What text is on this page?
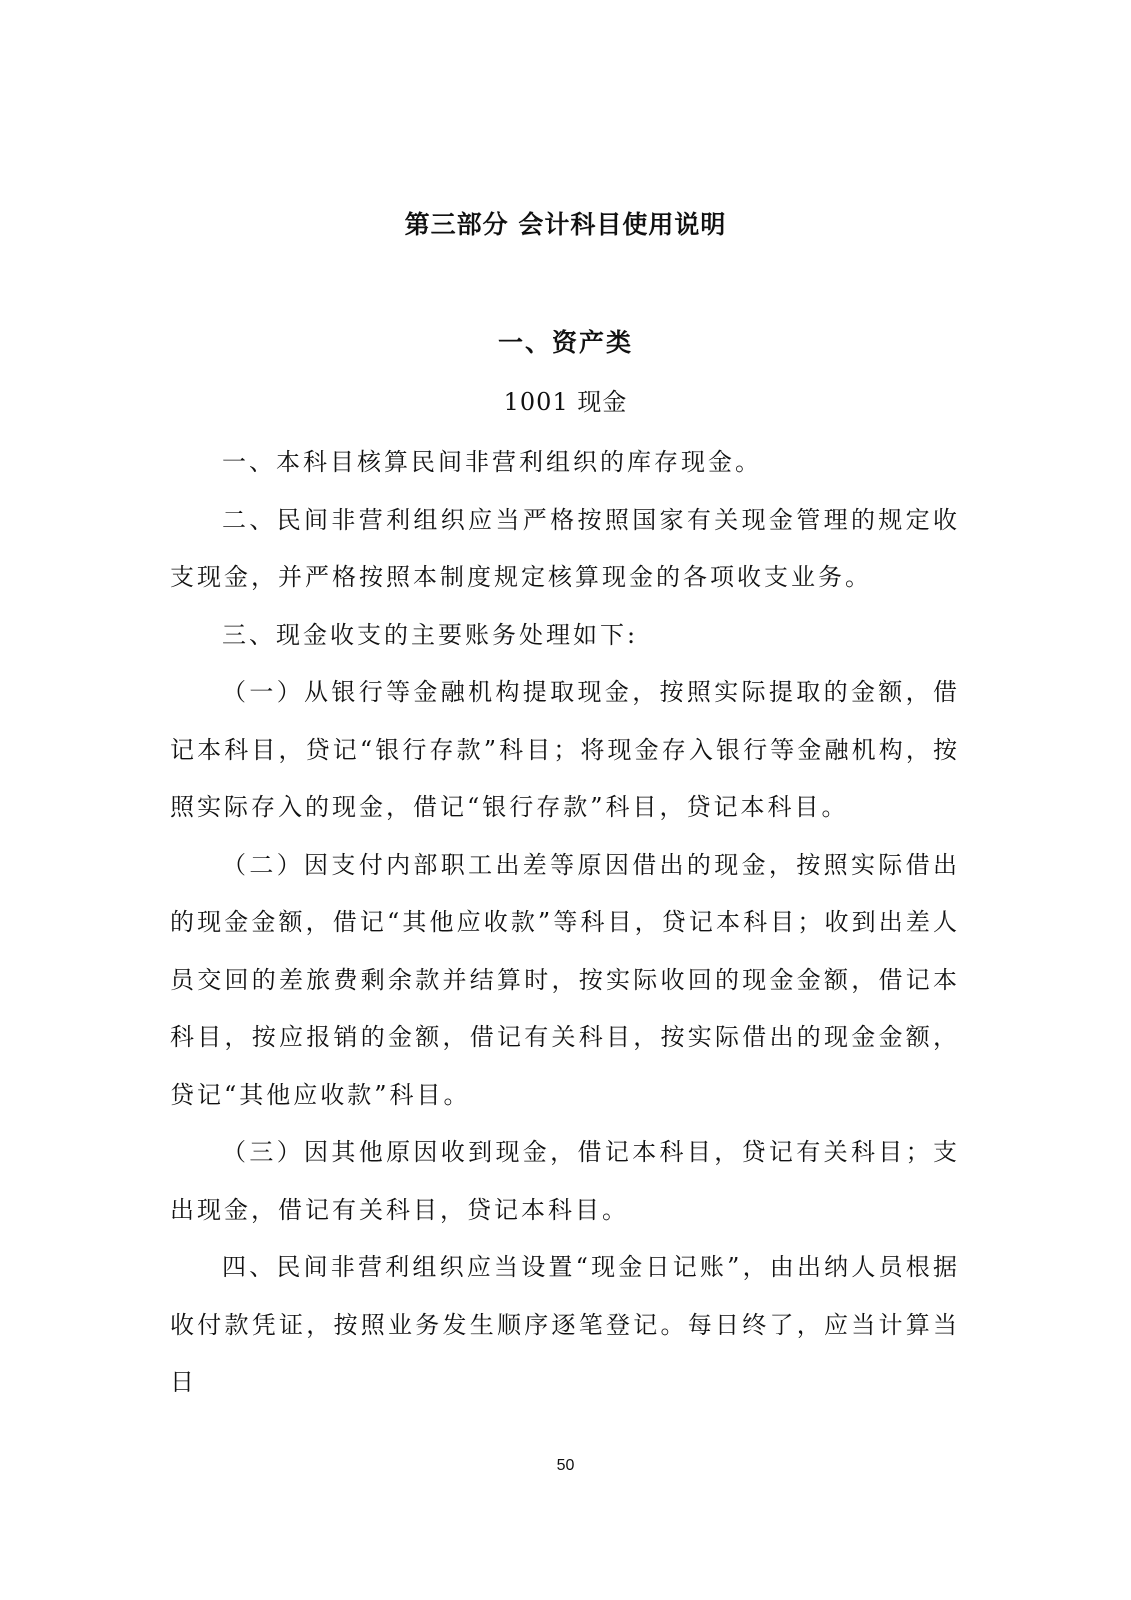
第三部分 会计科目使用说明
一、资产类
1001 现金

一、本科目核算民间非营利组织的库存现金。

二、民间非营利组织应当严格按照国家有关现金管理的规定收支现金，并严格按照本制度规定核算现金的各项收支业务。

三、现金收支的主要账务处理如下:

（一）从银行等金融机构提取现金，按照实际提取的金额，借记本科目，贷记“银行存款”科目；将现金存入银行等金融机构，按照实际存入的现金，借记“银行存款”科目，贷记本科目。

（二）因支付内部职工出差等原因借出的现金，按照实际借出的现金金额，借记“其他应收款”等科目，贷记本科目；收到出差人员交回的差旅费剩余款并结算时，按实际收回的现金金额，借记本科目，按应报销的金额，借记有关科目，按实际借出的现金金额，贷记“其他应收款”科目。

（三）因其他原因收到现金，借记本科目，贷记有关科目；支出现金，借记有关科目，贷记本科目。

四、民间非营利组织应当设置“现金日记账”，由出纳人员根据收付款凭证，按照业务发生顺序逐笔登记。每日终了，应当计算当日

50
